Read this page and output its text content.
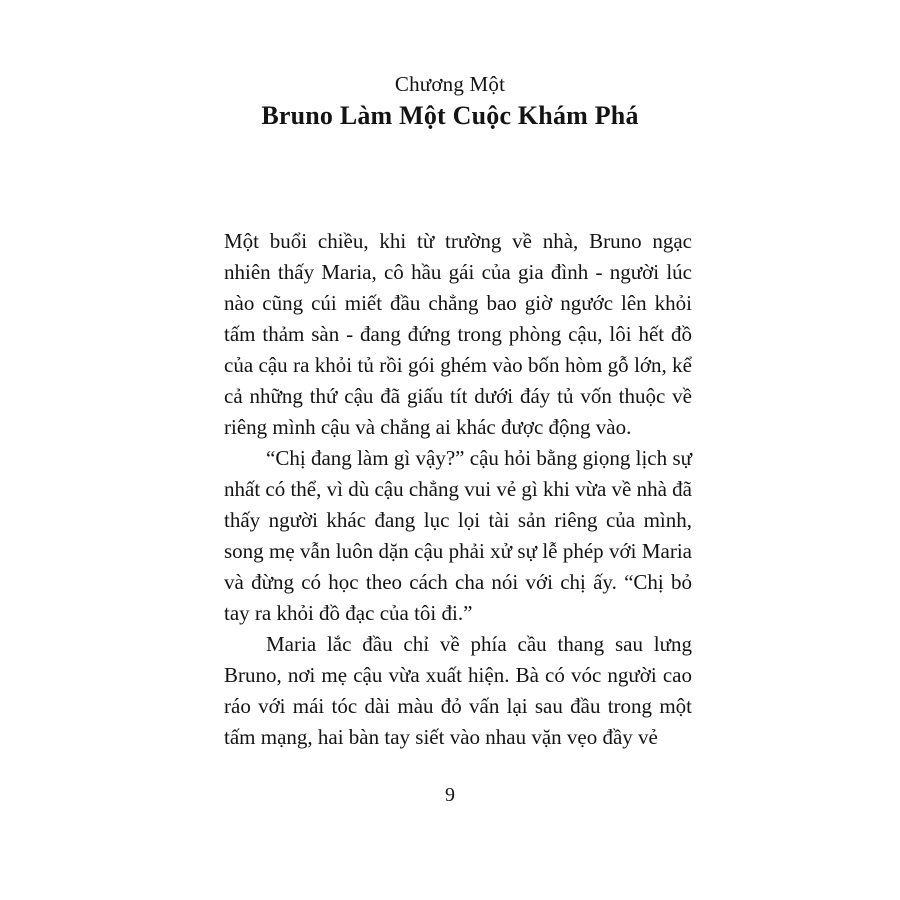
Chương Một
Bruno Làm Một Cuộc Khám Phá

Một buổi chiều, khi từ trường về nhà, Bruno ngạc nhiên thấy Maria, cô hầu gái của gia đình - người lúc nào cũng cúi miết đầu chẳng bao giờ ngước lên khỏi tấm thảm sàn - đang đứng trong phòng cậu, lôi hết đồ của cậu ra khỏi tủ rồi gói ghém vào bốn hòm gỗ lớn, kể cả những thứ cậu đã giấu tít dưới đáy tủ vốn thuộc về riêng mình cậu và chẳng ai khác được động vào.

“Chị đang làm gì vậy?” cậu hỏi bằng giọng lịch sự nhất có thể, vì dù cậu chẳng vui vẻ gì khi vừa về nhà đã thấy người khác đang lục lọi tài sản riêng của mình, song mẹ vẫn luôn dặn cậu phải xử sự lễ phép với Maria và đừng có học theo cách cha nói với chị ấy. “Chị bỏ tay ra khỏi đồ đạc của tôi đi.”

Maria lắc đầu chỉ về phía cầu thang sau lưng Bruno, nơi mẹ cậu vừa xuất hiện. Bà có vóc người cao ráo với mái tóc dài màu đỏ vấn lại sau đầu trong một tấm mạng, hai bàn tay siết vào nhau vặn vẹo đầy vẻ

9
